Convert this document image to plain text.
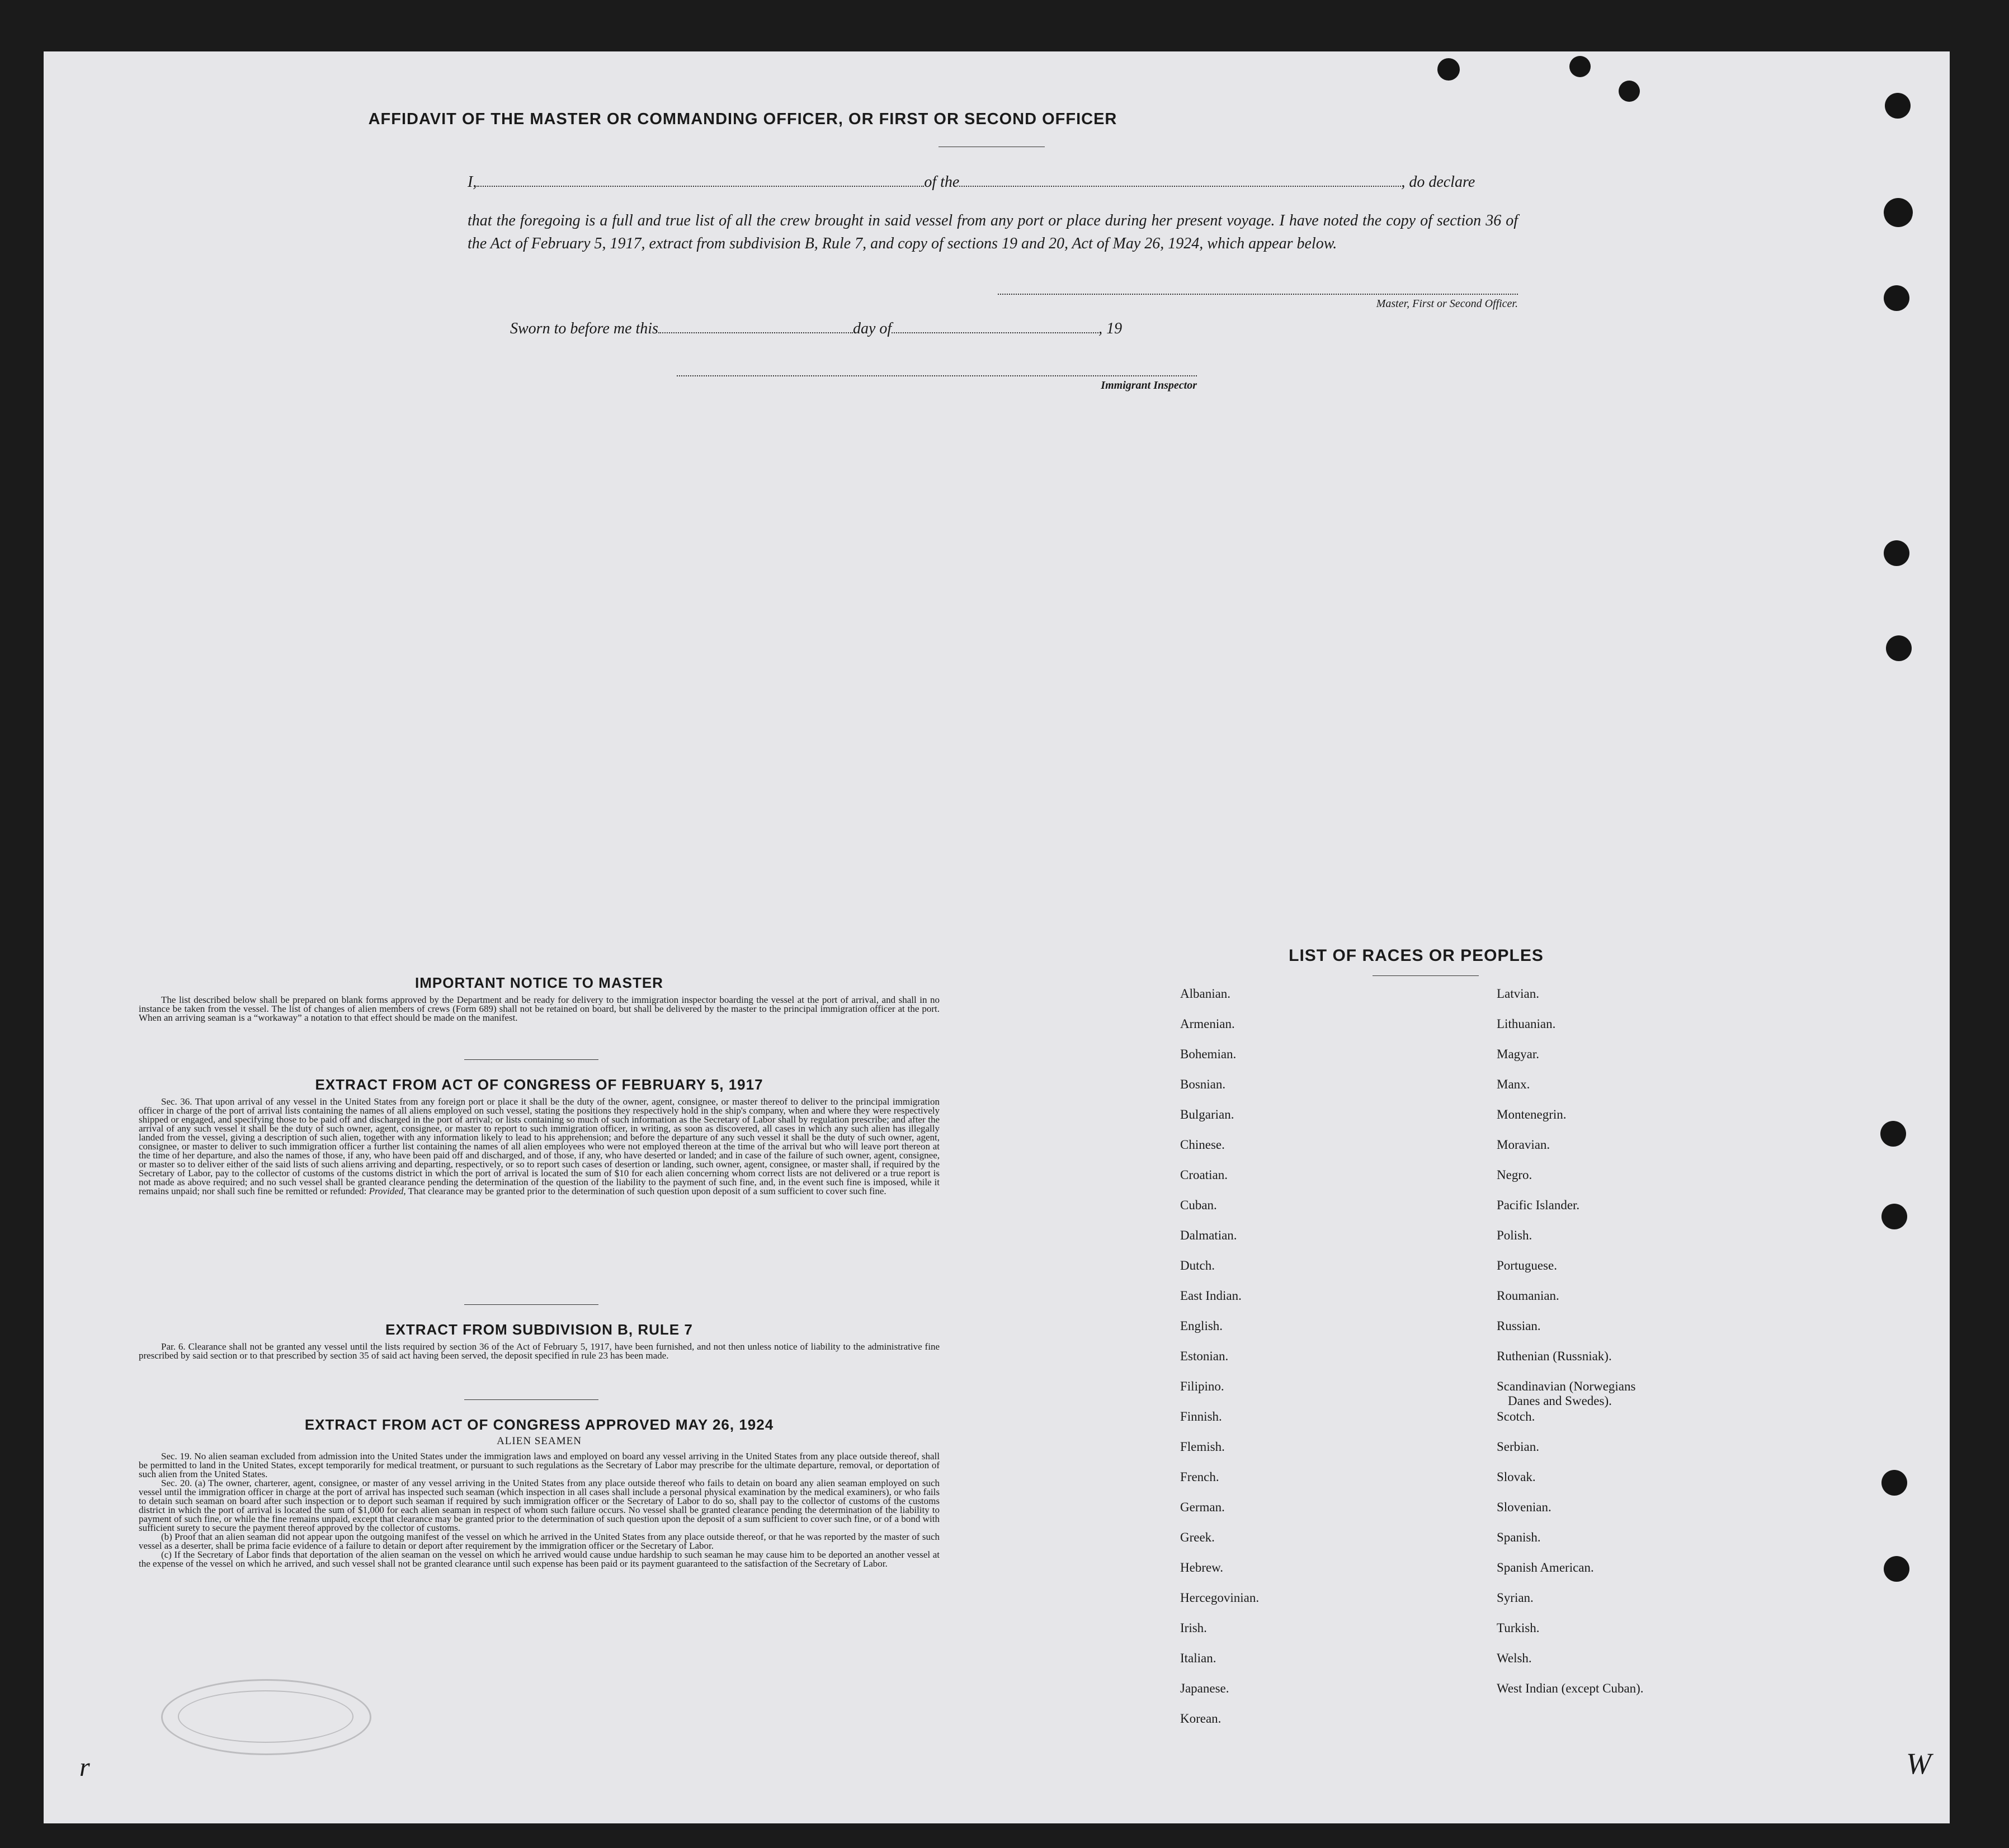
AFFIDAVIT OF THE MASTER OR COMMANDING OFFICER, OR FIRST OR SECOND OFFICER
I,	of the	, do declare

that the foregoing is a full and true list of all the crew brought in said vessel from any port or place during her present voyage. I have noted the copy of section 36 of the Act of February 5, 1917, extract from subdivision B, Rule 7, and copy of sections 19 and 20, Act of May 26, 1924, which appear below.

Master, First or Second Officer.
Sworn to before me this	day of	, 19
Immigrant Inspector
IMPORTANT NOTICE TO MASTER

The list described below shall be prepared on blank forms approved by the Department and be ready for delivery to the immigration inspector boarding the vessel at the port of arrival, and shall in no instance be taken from the vessel. The list of changes of alien members of crews (Form 689) shall not be retained on board, but shall be delivered by the master to the principal immigration officer at the port. When an arriving seaman is a “workaway” a notation to that effect should be made on the manifest.

EXTRACT FROM ACT OF CONGRESS OF FEBRUARY 5, 1917

Sec. 36. That upon arrival of any vessel in the United States from any foreign port or place it shall be the duty of the owner, agent, consignee, or master thereof to deliver to the principal immigration officer in charge of the port of arrival lists containing the names of all aliens employed on such vessel, stating the positions they respectively hold in the ship's company, when and where they were respectively shipped or engaged, and specifying those to be paid off and discharged in the port of arrival; or lists containing so much of such information as the Secretary of Labor shall by regulation prescribe; and after the arrival of any such vessel it shall be the duty of such owner, agent, consignee, or master to report to such immigration officer, in writing, as soon as discovered, all cases in which any such alien has illegally landed from the vessel, giving a description of such alien, together with any information likely to lead to his apprehension; and before the departure of any such vessel it shall be the duty of such owner, agent, consignee, or master to deliver to such immigration officer a further list containing the names of all alien employees who were not employed thereon at the time of the arrival but who will leave port thereon at the time of her departure, and also the names of those, if any, who have been paid off and discharged, and of those, if any, who have deserted or landed; and in case of the failure of such owner, agent, consignee, or master so to deliver either of the said lists of such aliens arriving and departing, respectively, or so to report such cases of desertion or landing, such owner, agent, consignee, or master shall, if required by the Secretary of Labor, pay to the collector of customs of the customs district in which the port of arrival is located the sum of $10 for each alien concerning whom correct lists are not delivered or a true report is not made as above required; and no such vessel shall be granted clearance pending the determination of the question of the liability to the payment of such fine, and, in the event such fine is imposed, while it remains unpaid; nor shall such fine be remitted or refunded: Provided, That clearance may be granted prior to the determination of such question upon deposit of a sum sufficient to cover such fine.

EXTRACT FROM SUBDIVISION B, RULE 7

Par. 6. Clearance shall not be granted any vessel until the lists required by section 36 of the Act of February 5, 1917, have been furnished, and not then unless notice of liability to the administrative fine prescribed by said section or to that prescribed by section 35 of said act having been served, the deposit specified in rule 23 has been made.

EXTRACT FROM ACT OF CONGRESS APPROVED MAY 26, 1924
ALIEN SEAMEN

Sec. 19. No alien seaman excluded from admission into the United States under the immigration laws and employed on board any vessel arriving in the United States from any place outside thereof, shall be permitted to land in the United States, except temporarily for medical treatment, or pursuant to such regulations as the Secretary of Labor may prescribe for the ultimate departure, removal, or deportation of such alien from the United States.

Sec. 20. (a) The owner, charterer, agent, consignee, or master of any vessel arriving in the United States from any place outside thereof who fails to detain on board any alien seaman employed on such vessel until the immigration officer in charge at the port of arrival has inspected such seaman (which inspection in all cases shall include a personal physical examination by the medical examiners), or who fails to detain such seaman on board after such inspection or to deport such seaman if required by such immigration officer or the Secretary of Labor to do so, shall pay to the collector of customs of the customs district in which the port of arrival is located the sum of $1,000 for each alien seaman in respect of whom such failure occurs. No vessel shall be granted clearance pending the determination of the liability to payment of such fine, or while the fine remains unpaid, except that clearance may be granted prior to the determination of such question upon the deposit of a sum sufficient to cover such fine, or of a bond with sufficient surety to secure the payment thereof approved by the collector of customs.

(b) Proof that an alien seaman did not appear upon the outgoing manifest of the vessel on which he arrived in the United States from any place outside thereof, or that he was reported by the master of such vessel as a deserter, shall be prima facie evidence of a failure to detain or deport after requirement by the immigration officer or the Secretary of Labor.

(c) If the Secretary of Labor finds that deportation of the alien seaman on the vessel on which he arrived would cause undue hardship to such seaman he may cause him to be deported an another vessel at the expense of the vessel on which he arrived, and such vessel shall not be granted clearance until such expense has been paid or its payment guaranteed to the satisfaction of the Secretary of Labor.

LIST OF RACES OR PEOPLES
Albanian.
Armenian.
Bohemian.
Bosnian.
Bulgarian.
Chinese.
Croatian.
Cuban.
Dalmatian.
Dutch.
East Indian.
English.
Estonian.
Filipino.
Finnish.
Flemish.
French.
German.
Greek.
Hebrew.
Hercegovinian.
Irish.
Italian.
Japanese.
Korean.
Latvian.
Lithuanian.
Magyar.
Manx.
Montenegrin.
Moravian.
Negro.
Pacific Islander.
Polish.
Portuguese.
Roumanian.
Russian.
Ruthenian (Russniak).
Scandinavian (Norwegians
Danes and Swedes).
Scotch.
Serbian.
Slovak.
Slovenian.
Spanish.
Spanish American.
Syrian.
Turkish.
Welsh.
West Indian (except Cuban).
r	W
